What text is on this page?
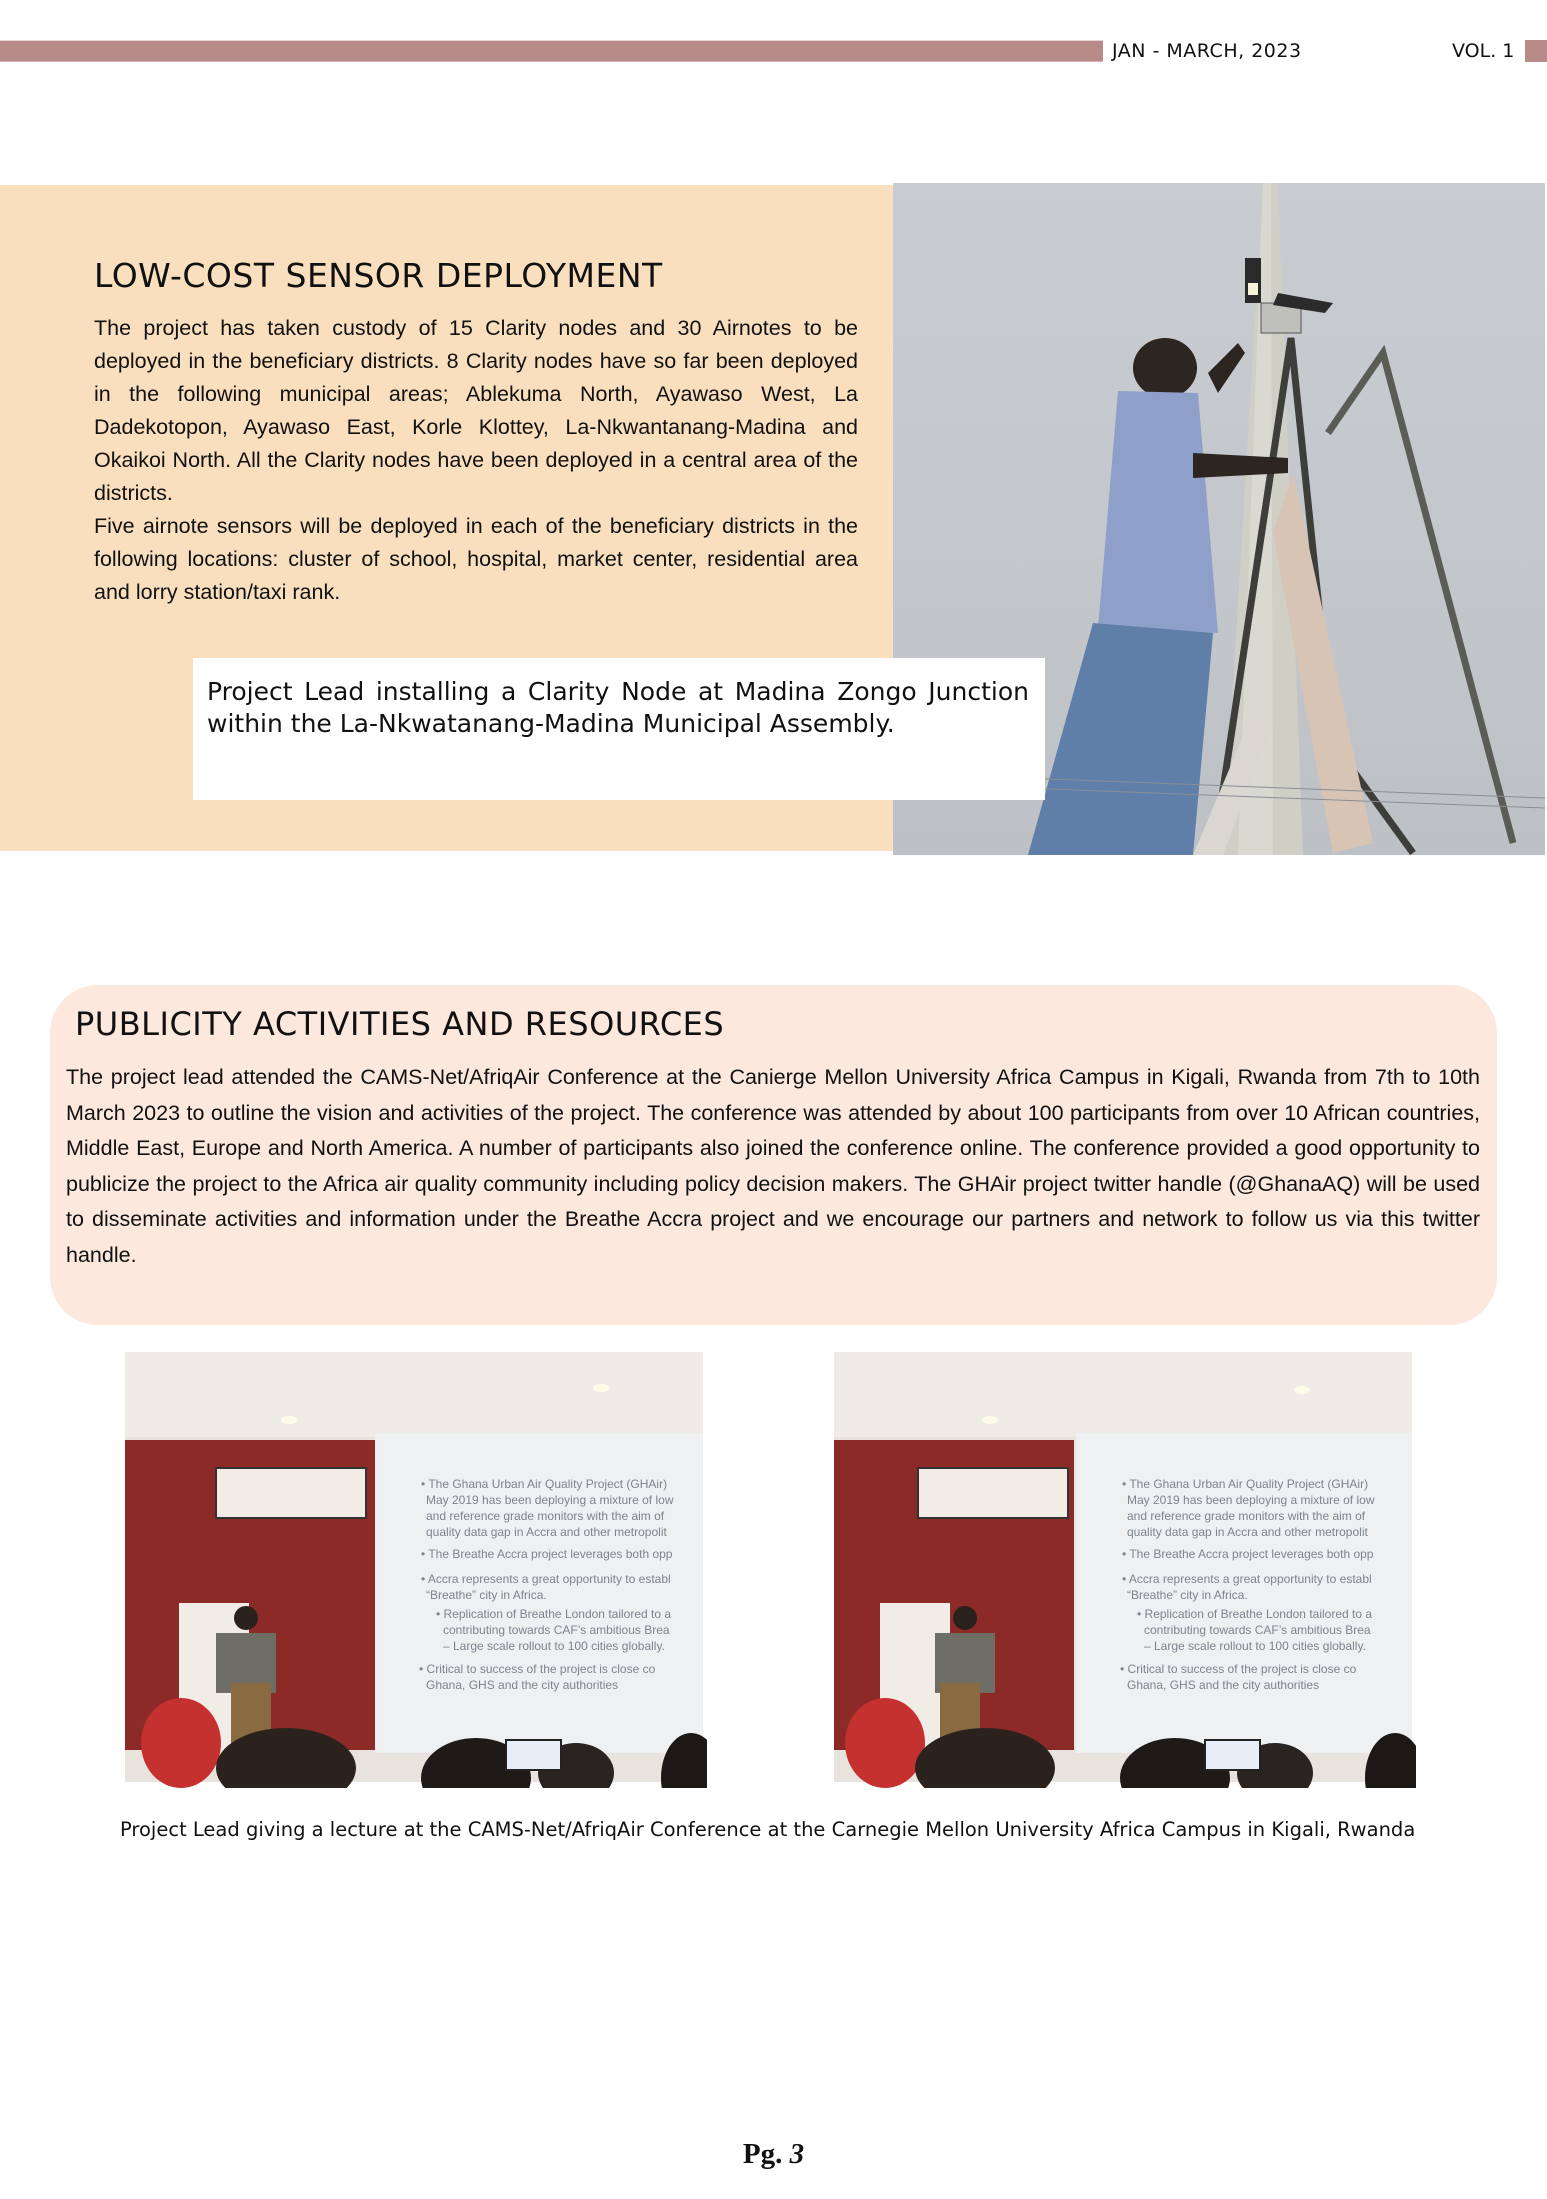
JAN - MARCH, 2023	VOL. 1
LOW-COST SENSOR DEPLOYMENT

The project has taken custody of 15 Clarity nodes and 30 Airnotes to be deployed in the beneficiary districts. 8 Clarity nodes have so far been deployed in the following municipal areas; Ablekuma North, Ayawaso West, La Dadekotopon, Ayawaso East, Korle Klottey, La-Nkwantanang-Madina and Okaikoi North. All the Clarity nodes have been deployed in a central area of the districts.

Five airnote sensors will be deployed in each of the beneficiary districts in the following locations: cluster of school, hospital, market center, residential area and lorry station/taxi rank.

Project Lead installing a Clarity Node at Madina Zongo Junction within the La-Nkwatanang-Madina Municipal Assembly.
PUBLICITY ACTIVITIES AND RESOURCES

The project lead attended the CAMS-Net/AfriqAir Conference at the Canierge Mellon University Africa Campus in Kigali, Rwanda from 7th to 10th March 2023 to outline the vision and activities of the project. The conference was attended by about 100 participants from over 10 African countries, Middle East, Europe and North America. A number of participants also joined the conference online. The conference provided a good opportunity to publicize the project to the Africa air quality community including policy decision makers. The GHAir project twitter handle (@GhanaAQ) will be used to disseminate activities and information under the Breathe Accra project and we encourage our partners and network to follow us via this twitter handle.

• The Ghana Urban Air Quality Project (GHAir)
May 2019 has been deploying a mixture of low
and reference grade monitors with the aim of
quality data gap in Accra and other metropolit
• The Breathe Accra project leverages both opp
• Accra represents a great opportunity to establ
“Breathe” city in Africa.
• Replication of Breathe London tailored to a
contributing towards CAF’s ambitious Brea
– Large scale rollout to 100 cities globally.
• Critical to success of the project is close co
Ghana, GHS and the city authorities
• The Ghana Urban Air Quality Project (GHAir)
May 2019 has been deploying a mixture of low
and reference grade monitors with the aim of
quality data gap in Accra and other metropolit
• The Breathe Accra project leverages both opp
• Accra represents a great opportunity to establ
“Breathe” city in Africa.
• Replication of Breathe London tailored to a
contributing towards CAF’s ambitious Brea
– Large scale rollout to 100 cities globally.
• Critical to success of the project is close co
Ghana, GHS and the city authorities

Project Lead giving a lecture at the CAMS-Net/AfriqAir Conference at the Carnegie Mellon University Africa Campus in Kigali, Rwanda

Pg. 3
